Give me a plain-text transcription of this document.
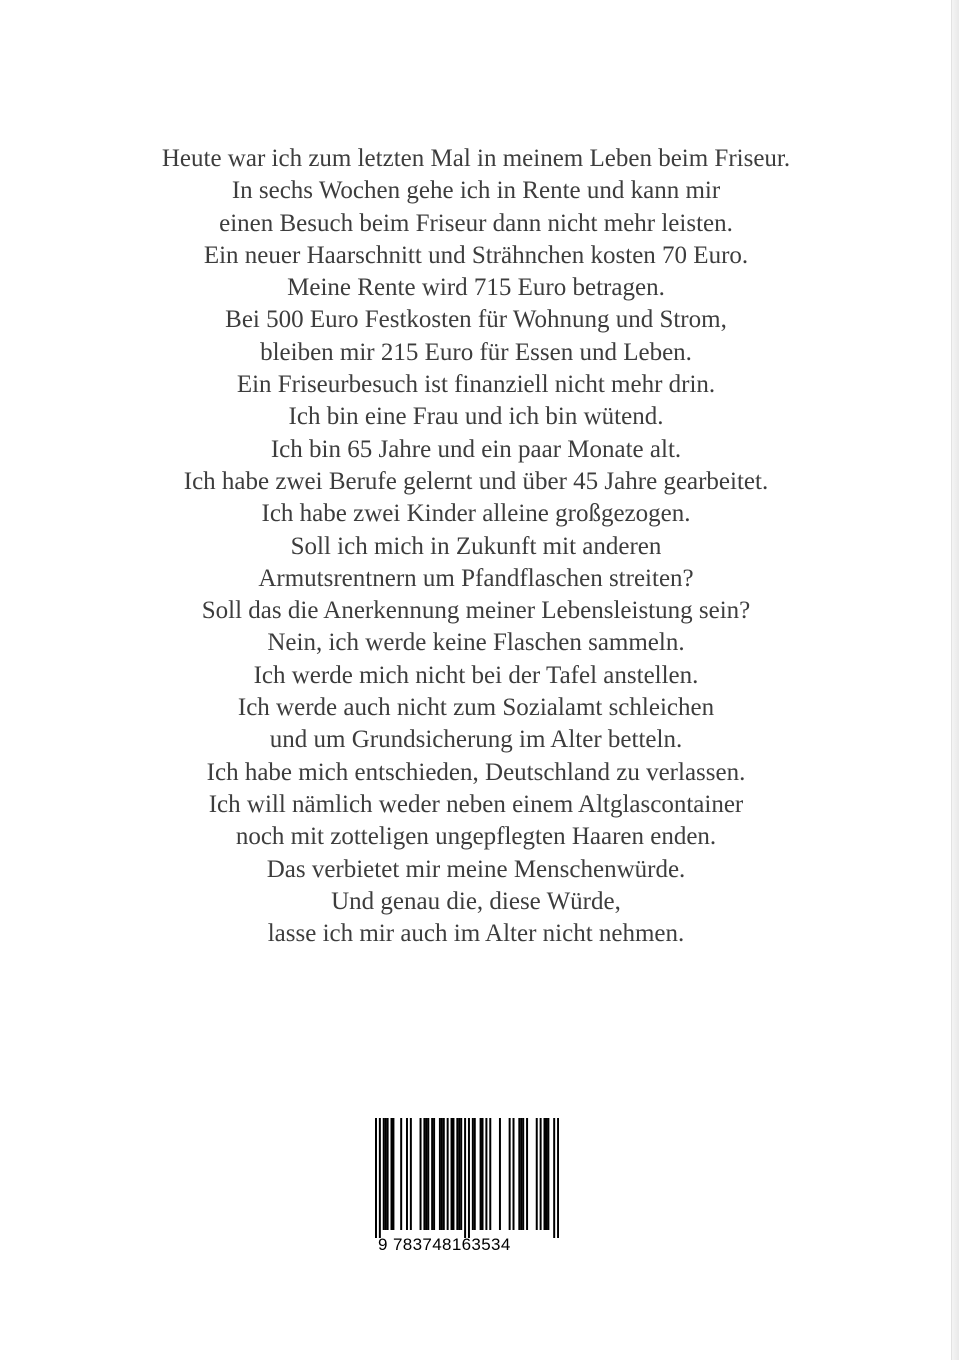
Heute war ich zum letzten Mal in meinem Leben beim Friseur.
In sechs Wochen gehe ich in Rente und kann mir
einen Besuch beim Friseur dann nicht mehr leisten.
Ein neuer Haarschnitt und Strähnchen kosten 70 Euro.
Meine Rente wird 715 Euro betragen.
Bei 500 Euro Festkosten für Wohnung und Strom,
bleiben mir 215 Euro für Essen und Leben.
Ein Friseurbesuch ist finanziell nicht mehr drin.
Ich bin eine Frau und ich bin wütend.
Ich bin 65 Jahre und ein paar Monate alt.
Ich habe zwei Berufe gelernt und über 45 Jahre gearbeitet.
Ich habe zwei Kinder alleine großgezogen.
Soll ich mich in Zukunft mit anderen
Armutsrentnern um Pfandflaschen streiten?
Soll das die Anerkennung meiner Lebensleistung sein?
Nein, ich werde keine Flaschen sammeln.
Ich werde mich nicht bei der Tafel anstellen.
Ich werde auch nicht zum Sozialamt schleichen
und um Grundsicherung im Alter betteln.
Ich habe mich entschieden, Deutschland zu verlassen.
Ich will nämlich weder neben einem Altglascontainer
noch mit zotteligen ungepflegten Haaren enden.
Das verbietet mir meine Menschenwürde.
Und genau die, diese Würde,
lasse ich mir auch im Alter nicht nehmen.
9 783748163534
